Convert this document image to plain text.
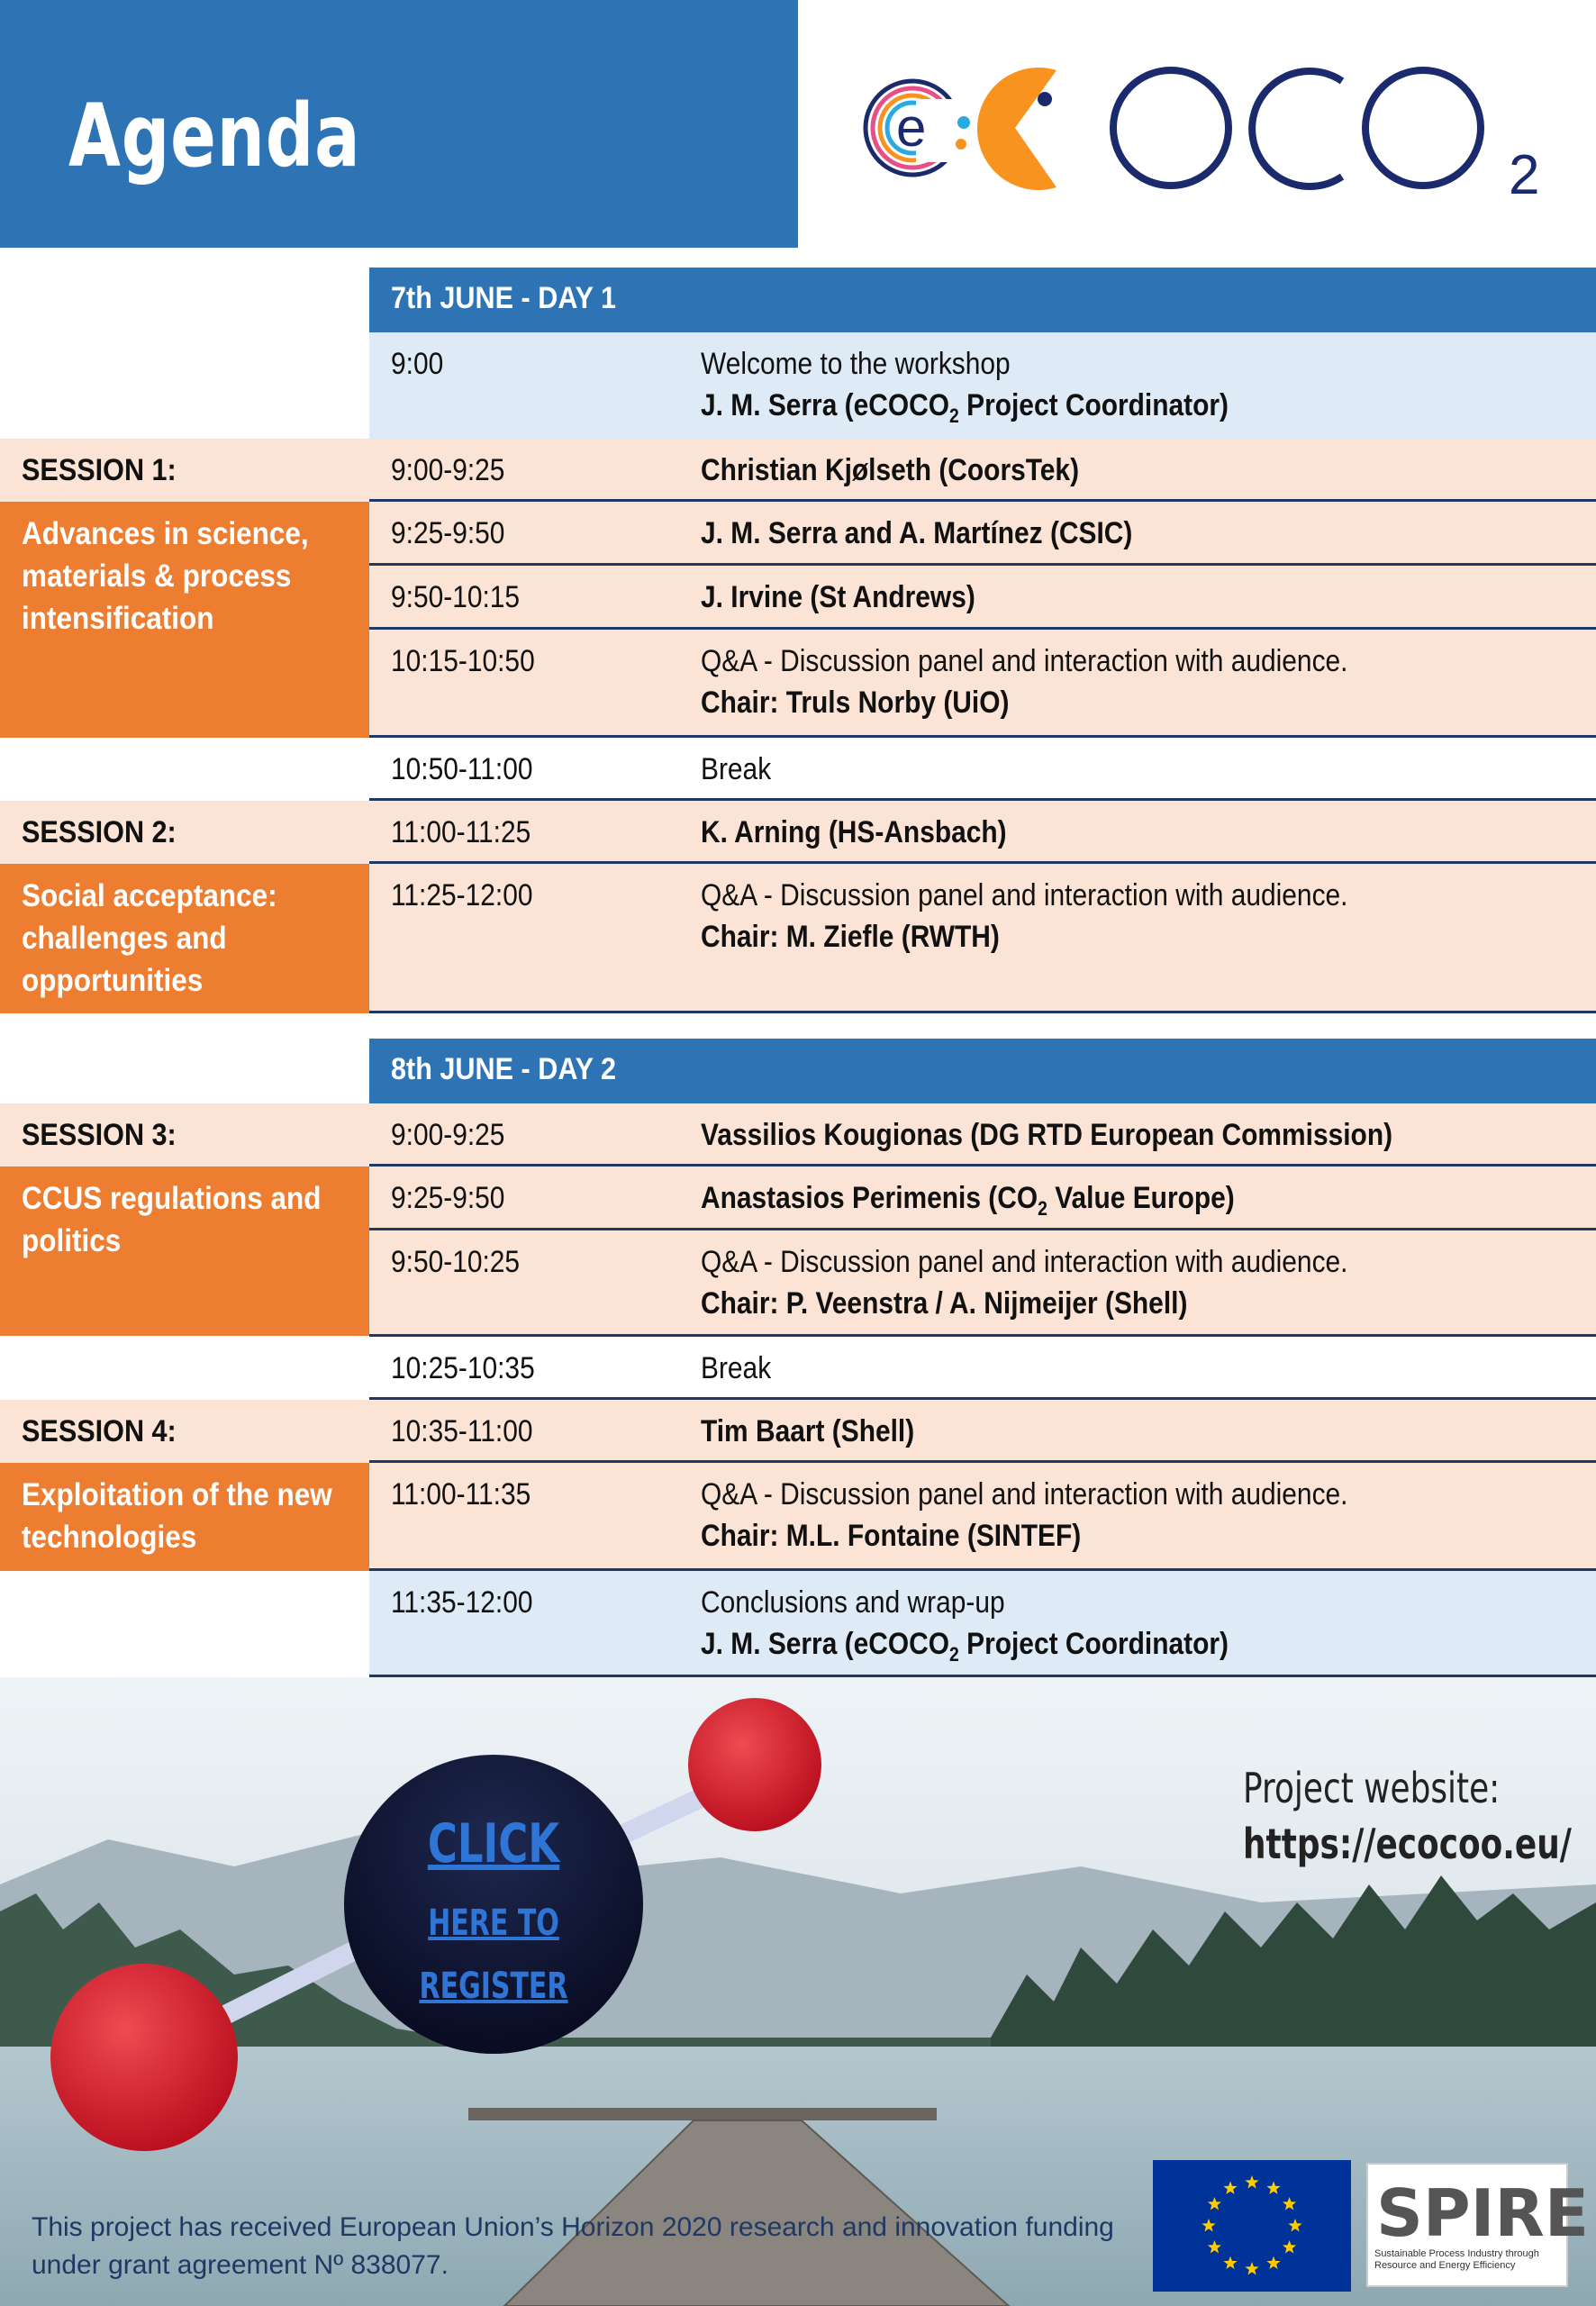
Agenda	e
2
7th JUNE - DAY 1
9:00	Welcome to the workshop
J. M. Serra (eCOCO$_2$ Project Coordinator)
SESSION 1:	9:00-9:25	Christian Kjølseth (CoorsTek)
Advances in science,
materials & process
intensification
9:25-9:50	J. M. Serra and A. Martínez (CSIC)
9:50-10:15	J. Irvine (St Andrews)
10:15-10:50	Q&A - Discussion panel and interaction with audience.
Chair: Truls Norby (UiO)
10:50-11:00	Break
SESSION 2:	11:00-11:25	K. Arning (HS-Ansbach)
Social acceptance:
challenges and
opportunities
11:25-12:00	Q&A - Discussion panel and interaction with audience.
Chair: M. Ziefle (RWTH)
8th JUNE - DAY 2
SESSION 3:	9:00-9:25	Vassilios Kougionas (DG RTD European Commission)
CCUS regulations and
politics
9:25-9:50	Anastasios Perimenis ($CO_2$ Value Europe)
9:50-10:25	Q&A - Discussion panel and interaction with audience.
Chair: P. Veenstra / A. Nijmeijer (Shell)
10:25-10:35	Break
SESSION 4:	10:35-11:00	Tim Baart (Shell)
Exploitation of the new
technologies
11:00-11:35	Q&A - Discussion panel and interaction with audience.
Chair: M.L. Fontaine (SINTEF)
11:35-12:00	Conclusions and wrap-up
J. M. Serra (eCOCO$_2$ Project Coordinator)
CLICK
HERE TO
REGISTER
Project website:
https://ecocoo.eu/
This project has received European Union’s Horizon 2020 research and innovation funding under grant agreement Nº 838077.
SPIRE
Sustainable Process Industry through Resource and Energy Efficiency
